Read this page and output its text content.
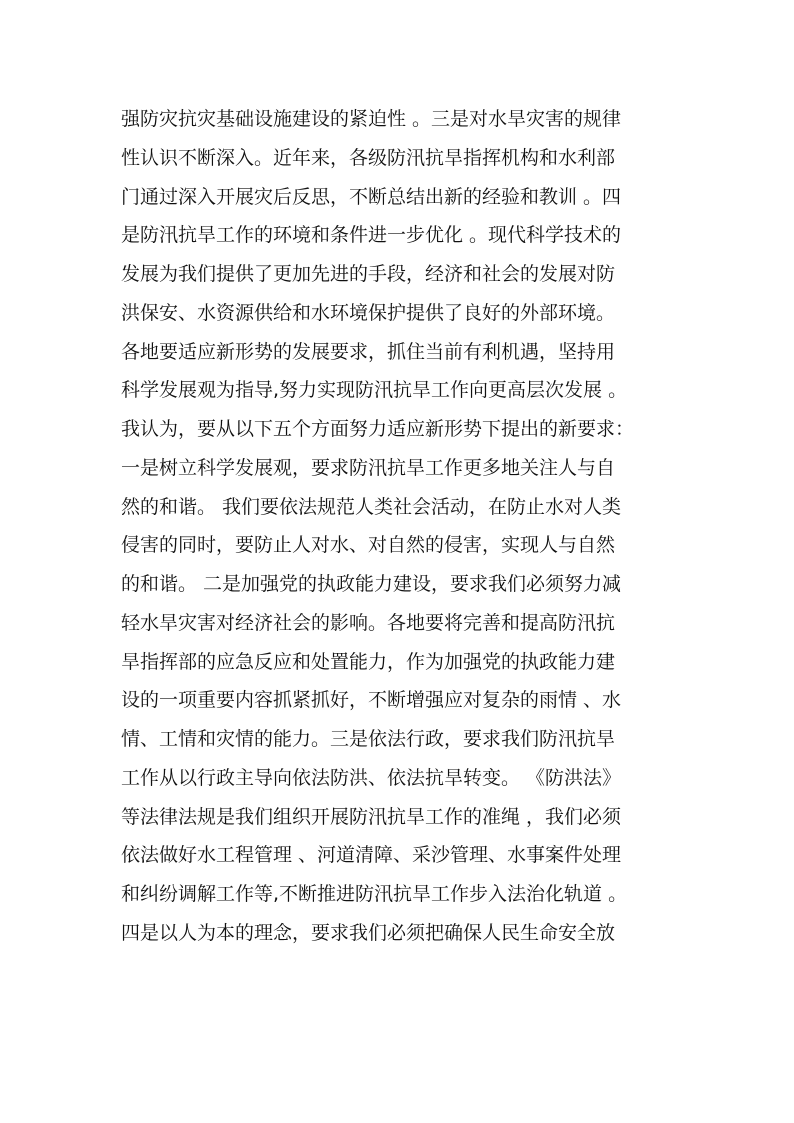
强防灾抗灾基础设施建设的紧迫性 。三是对水旱灾害的规律
性认识不断深入。近年来，各级防汛抗旱指挥机构和水利部
门通过深入开展灾后反思，不断总结出新的经验和教训 。四
是防汛抗旱工作的环境和条件进一步优化 。现代科学技术的
发展为我们提供了更加先进的手段，经济和社会的发展对防
洪保安、水资源供给和水环境保护提供了良好的外部环境。
各地要适应新形势的发展要求，抓住当前有利机遇，坚持用
科学发展观为指导,努力实现防汛抗旱工作向更高层次发展 。
我认为，要从以下五个方面努力适应新形势下提出的新要求：
一是树立科学发展观，要求防汛抗旱工作更多地关注人与自
然的和谐。 我们要依法规范人类社会活动，在防止水对人类
侵害的同时，要防止人对水、对自然的侵害，实现人与自然
的和谐。 二是加强党的执政能力建设，要求我们必须努力减
轻水旱灾害对经济社会的影响。各地要将完善和提高防汛抗
旱指挥部的应急反应和处置能力，作为加强党的执政能力建
设的一项重要内容抓紧抓好，不断增强应对复杂的雨情 、水
情、工情和灾情的能力。三是依法行政，要求我们防汛抗旱
工作从以行政主导向依法防洪、依法抗旱转变。 《防洪法》
等法律法规是我们组织开展防汛抗旱工作的准绳 ，我们必须
依法做好水工程管理 、河道清障、采沙管理、水事案件处理
和纠纷调解工作等,不断推进防汛抗旱工作步入法治化轨道 。
四是以人为本的理念，要求我们必须把确保人民生命安全放
